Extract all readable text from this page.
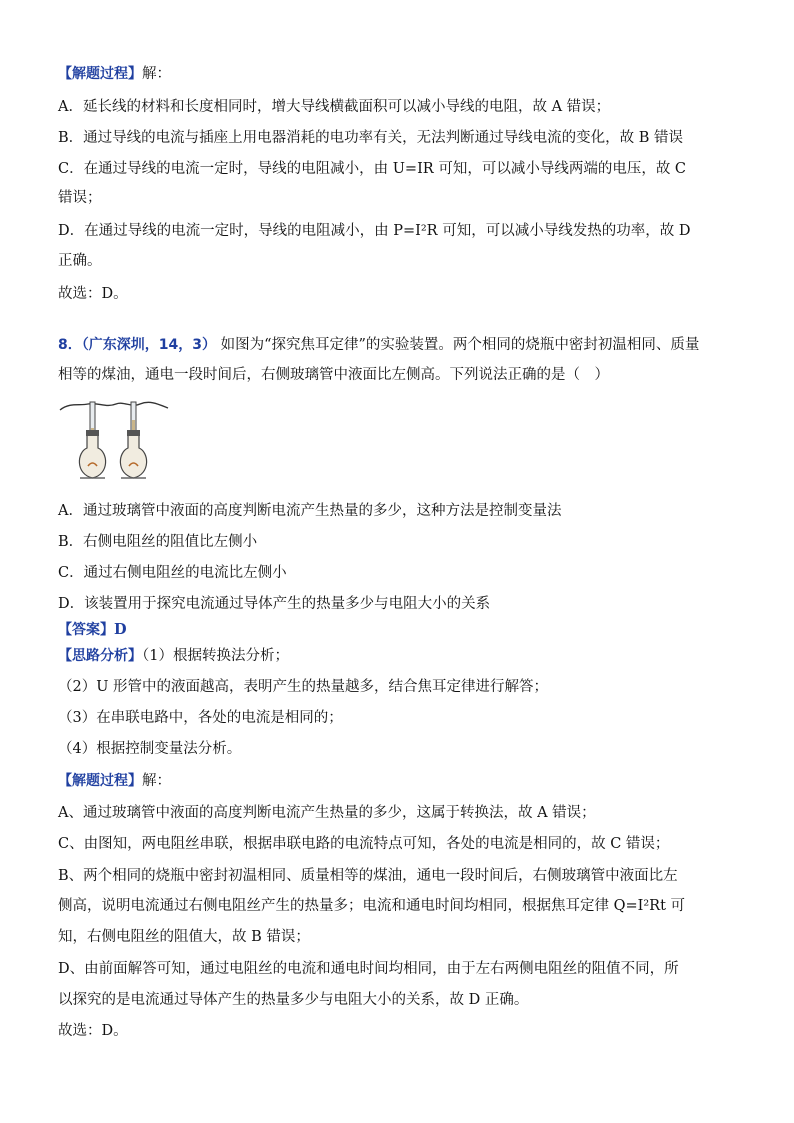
【解题过程】解：
A．延长线的材料和长度相同时，增大导线横截面积可以减小导线的电阻，故 A 错误；
B．通过导线的电流与插座上用电器消耗的电功率有关，无法判断通过导线电流的变化，故 B 错误
C．在通过导线的电流一定时，导线的电阻减小，由 U=IR 可知，可以减小导线两端的电压，故 C
错误；
D．在通过导线的电流一定时，导线的电阻减小，由 P=I²R 可知，可以减小导线发热的功率，故 D
正确。
故选：D。
8．（广东深圳，14，3） 如图为“探究焦耳定律”的实验装置。两个相同的烧瓶中密封初温相同、质量
相等的煤油，通电一段时间后，右侧玻璃管中液面比左侧高。下列说法正确的是（　）
A．通过玻璃管中液面的高度判断电流产生热量的多少，这种方法是控制变量法
B．右侧电阻丝的阻值比左侧小
C．通过右侧电阻丝的电流比左侧小
D．该装置用于探究电流通过导体产生的热量多少与电阻大小的关系
【答案】D
【思路分析】（1）根据转换法分析；
（2）U 形管中的液面越高，表明产生的热量越多，结合焦耳定律进行解答；
（3）在串联电路中，各处的电流是相同的；
（4）根据控制变量法分析。
【解题过程】解：
A、通过玻璃管中液面的高度判断电流产生热量的多少，这属于转换法，故 A 错误；
C、由图知，两电阻丝串联，根据串联电路的电流特点可知，各处的电流是相同的，故 C 错误；
B、两个相同的烧瓶中密封初温相同、质量相等的煤油，通电一段时间后，右侧玻璃管中液面比左
侧高，说明电流通过右侧电阻丝产生的热量多；电流和通电时间均相同，根据焦耳定律 Q=I²Rt 可
知，右侧电阻丝的阻值大，故 B 错误；
D、由前面解答可知，通过电阻丝的电流和通电时间均相同，由于左右两侧电阻丝的阻值不同，所
以探究的是电流通过导体产生的热量多少与电阻大小的关系，故 D 正确。
故选：D。
